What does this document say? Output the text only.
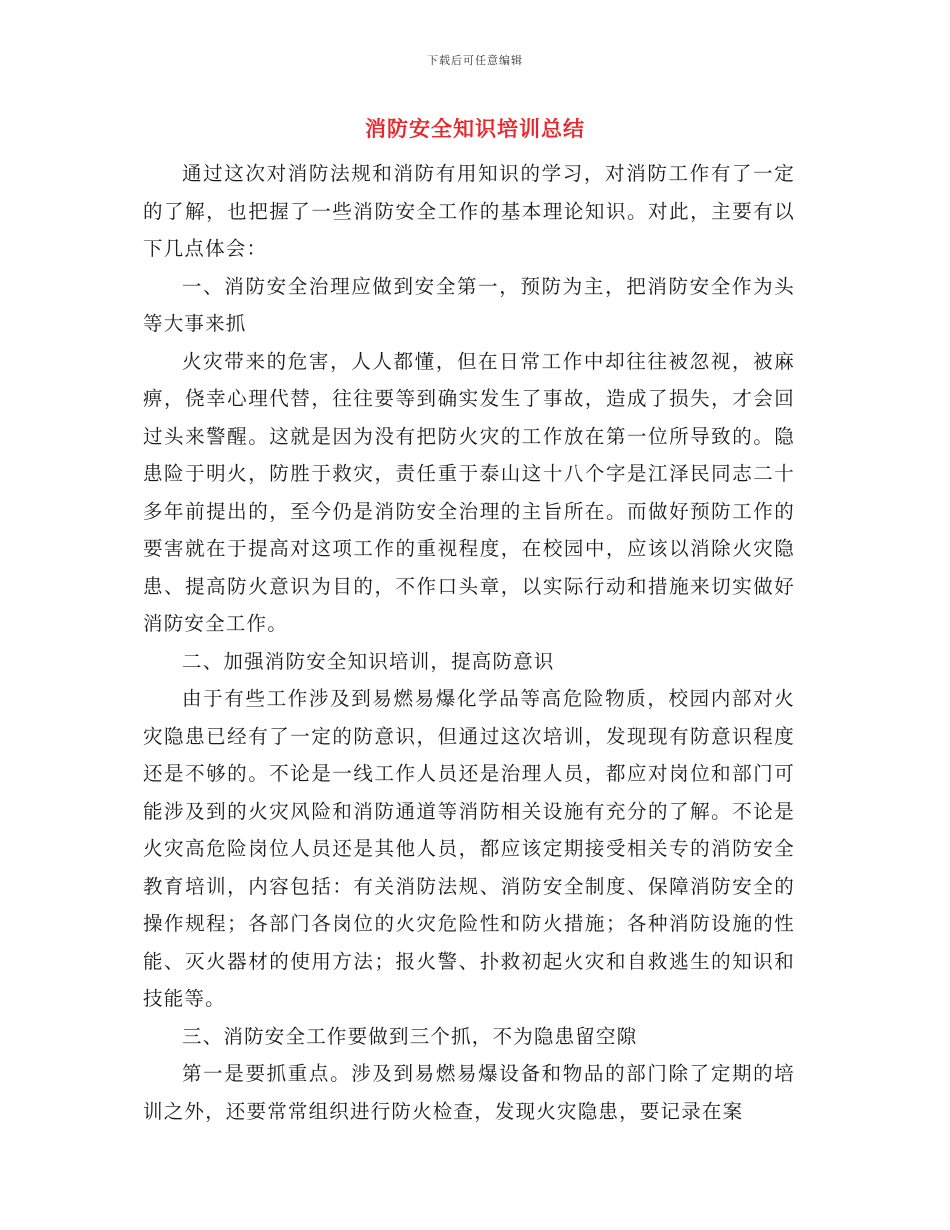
下载后可任意编辑
消防安全知识培训总结

通过这次对消防法规和消防有用知识的学习，对消防工作有了一定的了解，也把握了一些消防安全工作的基本理论知识。对此，主要有以下几点体会：

一、消防安全治理应做到安全第一，预防为主，把消防安全作为头等大事来抓

火灾带来的危害，人人都懂，但在日常工作中却往往被忽视，被麻痹，侥幸心理代替，往往要等到确实发生了事故，造成了损失，才会回过头来警醒。这就是因为没有把防火灾的工作放在第一位所导致的。隐患险于明火，防胜于救灾，责任重于泰山这十八个字是江泽民同志二十多年前提出的，至今仍是消防安全治理的主旨所在。而做好预防工作的要害就在于提高对这项工作的重视程度，在校园中，应该以消除火灾隐患、提高防火意识为目的，不作口头章，以实际行动和措施来切实做好消防安全工作。

二、加强消防安全知识培训，提高防意识

由于有些工作涉及到易燃易爆化学品等高危险物质，校园内部对火灾隐患已经有了一定的防意识，但通过这次培训，发现现有防意识程度还是不够的。不论是一线工作人员还是治理人员，都应对岗位和部门可能涉及到的火灾风险和消防通道等消防相关设施有充分的了解。不论是火灾高危险岗位人员还是其他人员，都应该定期接受相关专的消防安全教育培训，内容包括：有关消防法规、消防安全制度、保障消防安全的操作规程；各部门各岗位的火灾危险性和防火措施；各种消防设施的性能、灭火器材的使用方法；报火警、扑救初起火灾和自救逃生的知识和技能等。

三、消防安全工作要做到三个抓，不为隐患留空隙

第一是要抓重点。涉及到易燃易爆设备和物品的部门除了定期的培训之外，还要常常组织进行防火检查，发现火灾隐患，要记录在案
